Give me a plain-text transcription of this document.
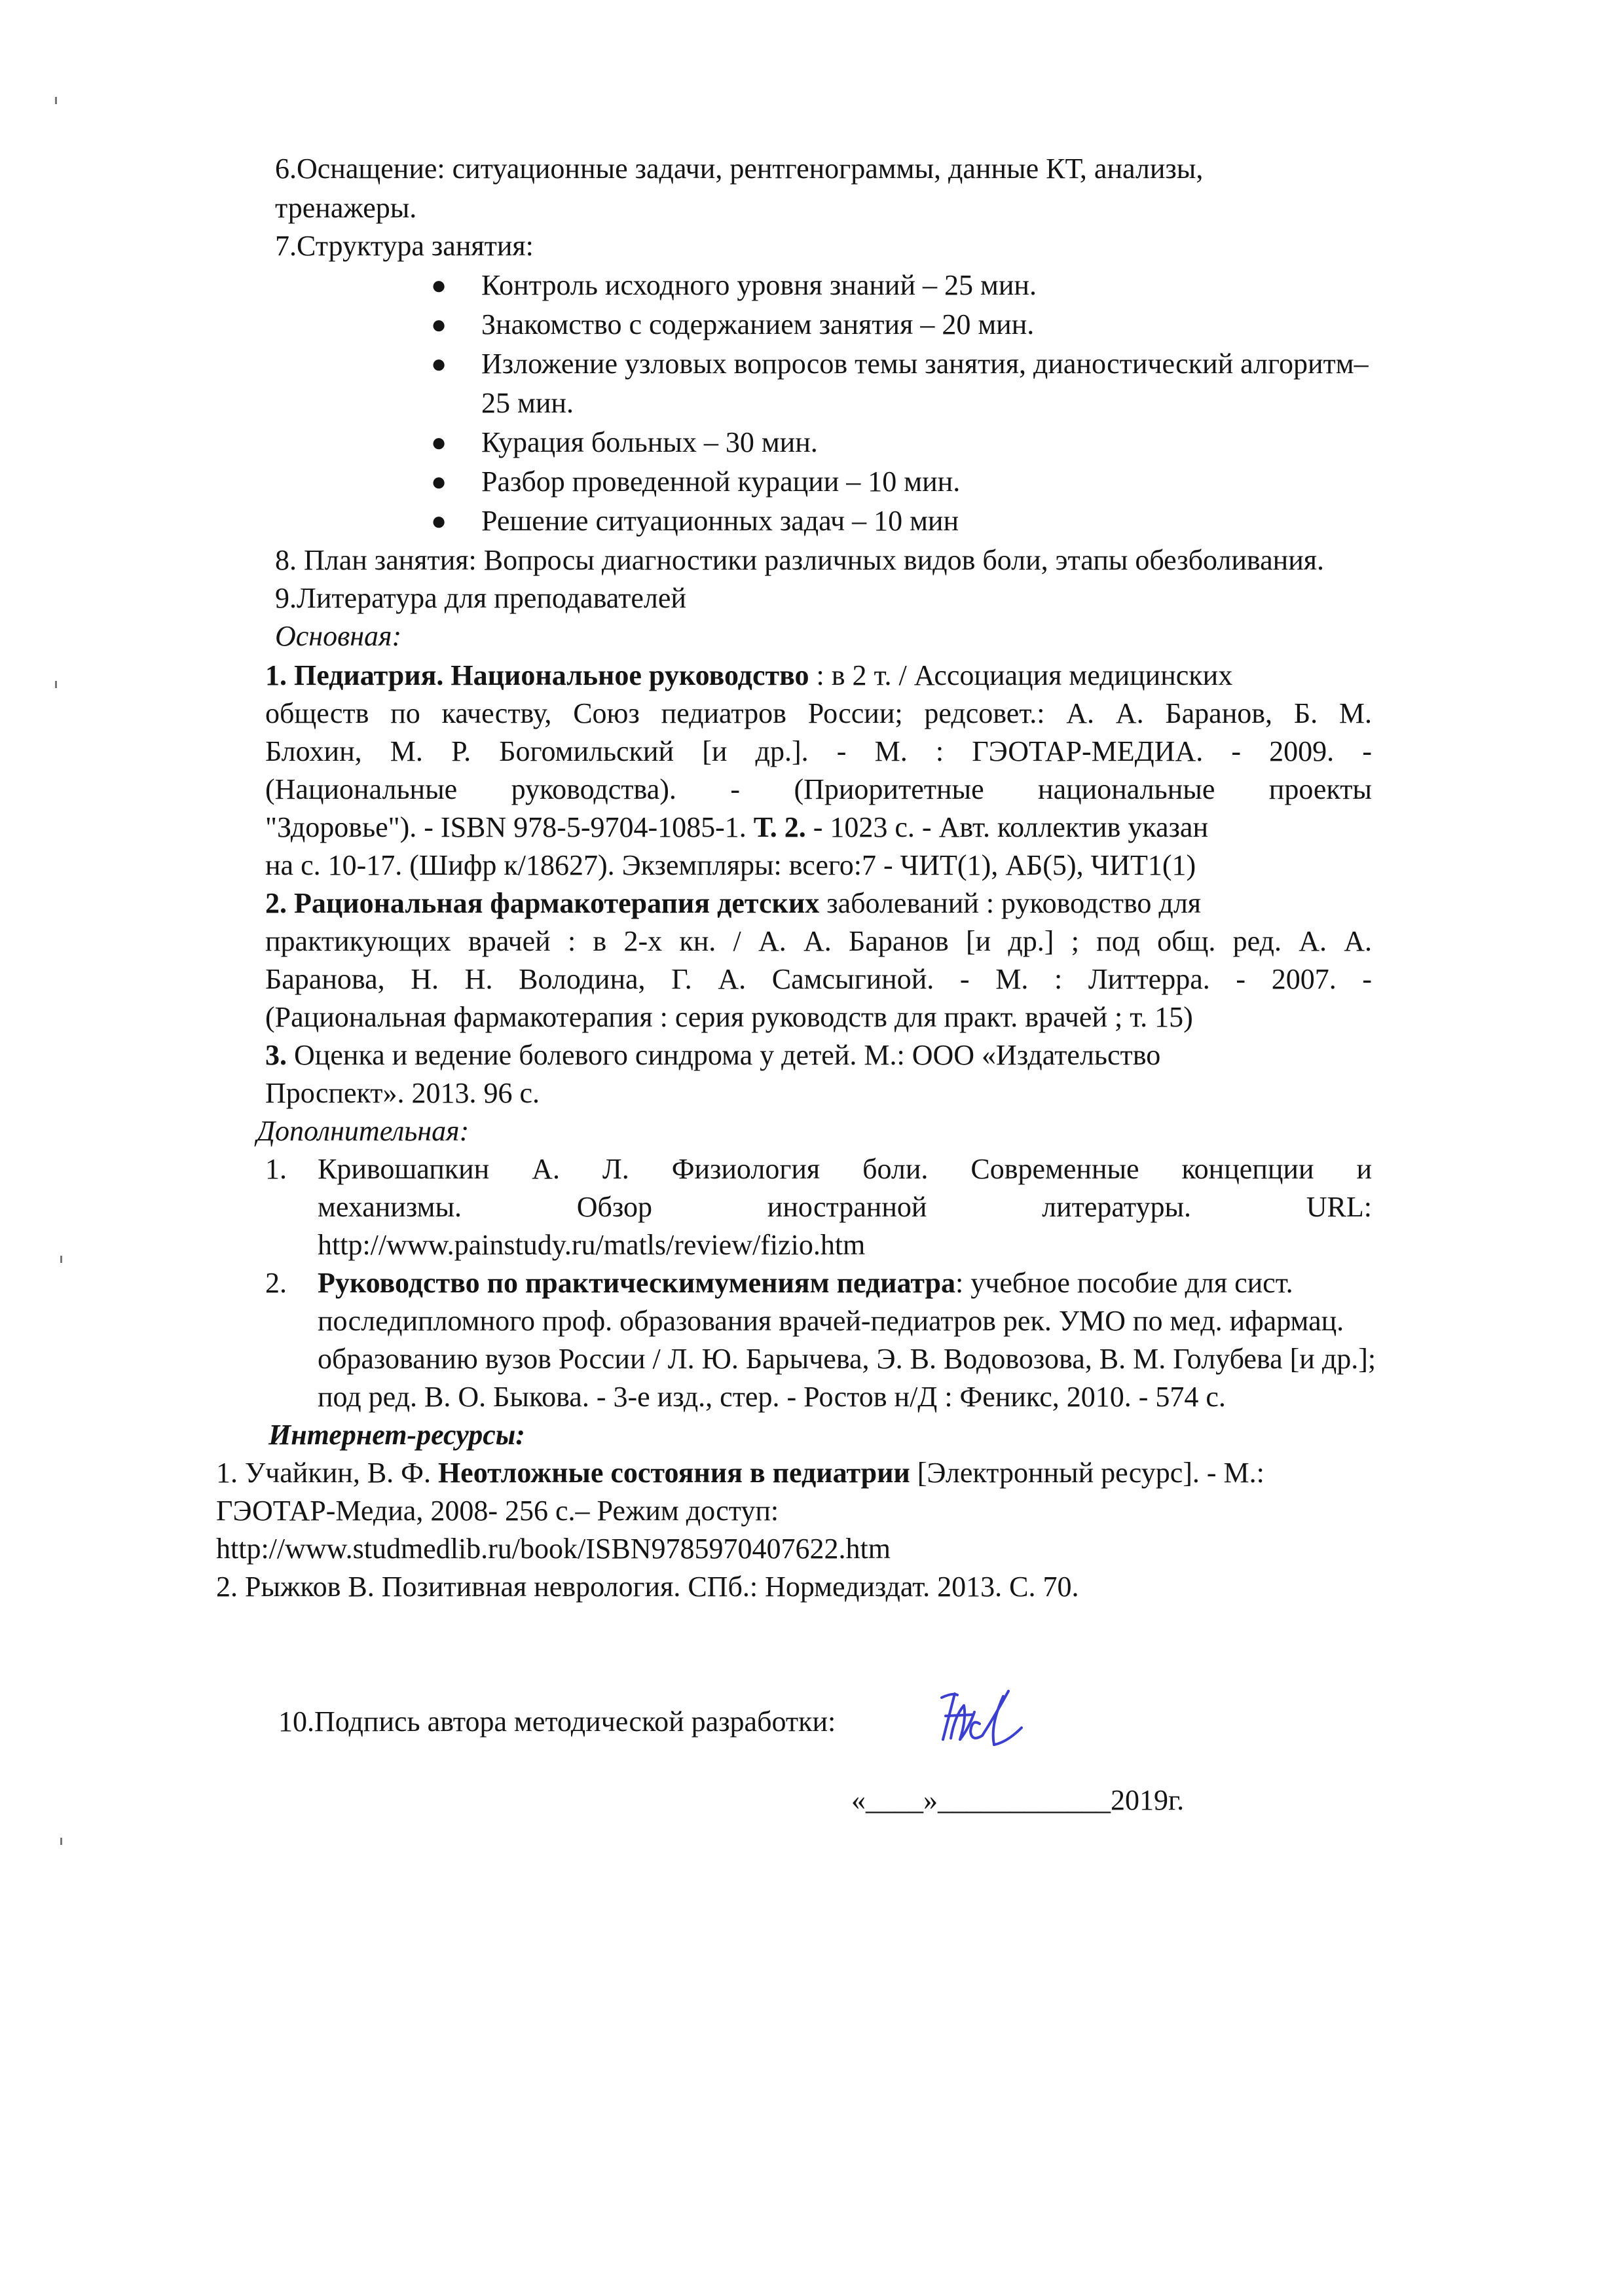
6.Оснащение: ситуационные задачи, рентгенограммы, данные КТ, анализы,
тренажеры.
7.Структура занятия:
● Контроль исходного уровня знаний – 25 мин.
● Знакомство с содержанием занятия – 20 мин.
● Изложение узловых вопросов темы занятия, дианостический алгоритм–
25 мин.
● Курация больных – 30 мин.
● Разбор проведенной курации – 10 мин.
● Решение ситуационных задач – 10 мин
8. План занятия: Вопросы диагностики различных видов боли, этапы обезболивания.
9.Литература для преподавателей
Основная:
1. Педиатрия. Национальное руководство : в 2 т. / Ассоциация медицинских
обществ по качеству, Союз педиатров России; редсовет.: А. А. Баранов, Б. М.
Блохин, М. Р. Богомильский [и др.]. - М. : ГЭОТАР-МЕДИА. - 2009. -
(Национальные руководства). - (Приоритетные национальные проекты
"Здоровье"). - ISBN 978-5-9704-1085-1. Т. 2. - 1023 с. - Авт. коллектив указан
на с. 10-17. (Шифр к/18627). Экземпляры: всего:7 - ЧИТ(1), АБ(5), ЧИТ1(1)
2. Рациональная фармакотерапия детских заболеваний : руководство для
практикующих врачей : в 2-х кн. / А. А. Баранов [и др.] ; под общ. ред. А. А.
Баранова, Н. Н. Володина, Г. А. Самсыгиной. - М. : Литтерра. - 2007. -
(Рациональная фармакотерапия : серия руководств для практ. врачей ; т. 15)
3. Оценка и ведение болевого синдрома у детей. М.: ООО «Издательство
Проспект». 2013. 96 с.
Дополнительная:
1. Кривошапкин А. Л. Физиология боли. Современные концепции и
механизмы. Обзор иностранной литературы. URL:
http://www.painstudy.ru/matls/review/fizio.htm
2. Руководство по практическимумениям педиатра: учебное пособие для сист.
последипломного проф. образования врачей-педиатров рек. УМО по мед. ифармац.
образованию вузов России / Л. Ю. Барычева, Э. В. Водовозова, В. М. Голубева [и др.];
под ред. В. О. Быкова. - 3-е изд., стер. - Ростов н/Д : Феникс, 2010. - 574 с.
Интернет-ресурсы:
1. Учайкин, В. Ф. Неотложные состояния в педиатрии [Электронный ресурс]. - М.:
ГЭОТАР-Медиа, 2008- 256 с.– Режим доступ:
http://www.studmedlib.ru/book/ISBN9785970407622.htm
2. Рыжков В. Позитивная неврология. СПб.: Нормедиздат. 2013. С. 70.
10.Подпись автора методической разработки:
«____»____________2019г.
